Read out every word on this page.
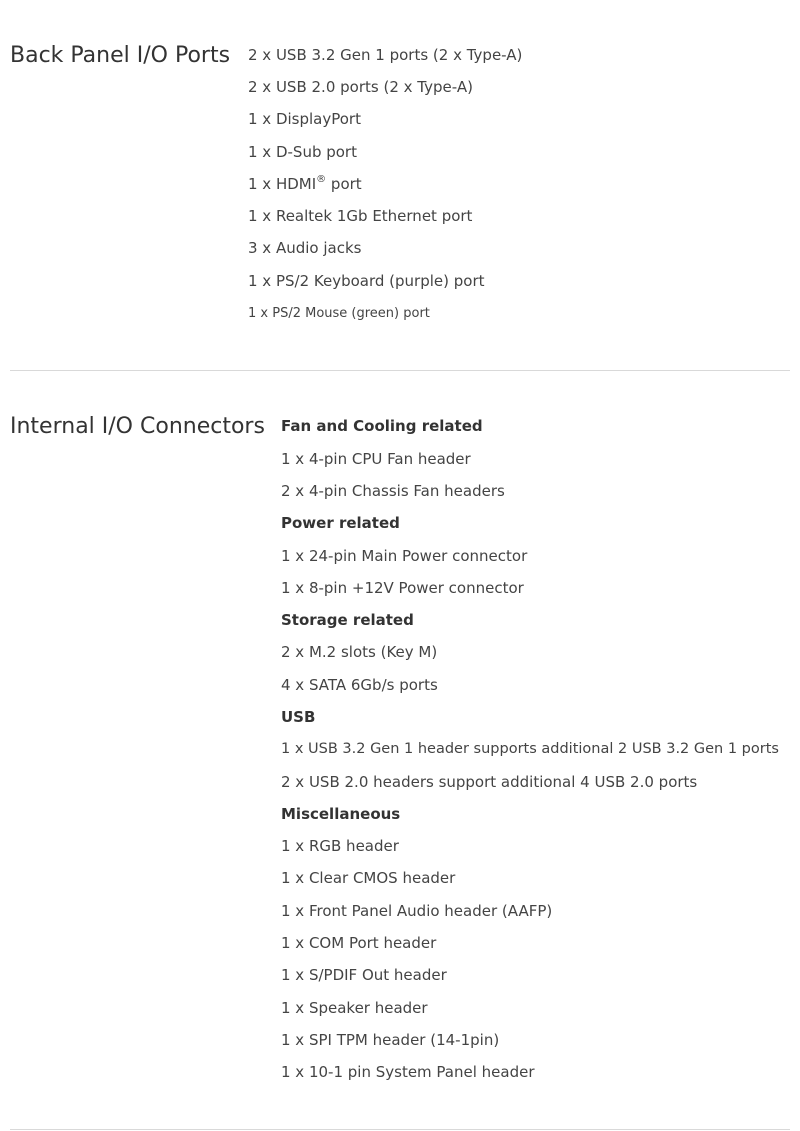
Back Panel I/O Ports 2 x USB 3.2 Gen 1 ports (2 x Type-A)
2 x USB 2.0 ports (2 x Type-A)
1 x DisplayPort
1 x D-Sub port
1 x HDMI® port
1 x Realtek 1Gb Ethernet port
3 x Audio jacks
1 x PS/2 Keyboard (purple) port
1 x PS/2 Mouse (green) port
Internal I/O Connectors Fan and Cooling related
1 x 4-pin CPU Fan header
2 x 4-pin Chassis Fan headers
Power related
1 x 24-pin Main Power connector
1 x 8-pin +12V Power connector
Storage related
2 x M.2 slots (Key M)
4 x SATA 6Gb/s ports
USB
1 x USB 3.2 Gen 1 header supports additional 2 USB 3.2 Gen 1 ports
2 x USB 2.0 headers support additional 4 USB 2.0 ports
Miscellaneous
1 x RGB header
1 x Clear CMOS header
1 x Front Panel Audio header (AAFP)
1 x COM Port header
1 x S/PDIF Out header
1 x Speaker header
1 x SPI TPM header (14-1pin)
1 x 10-1 pin System Panel header
